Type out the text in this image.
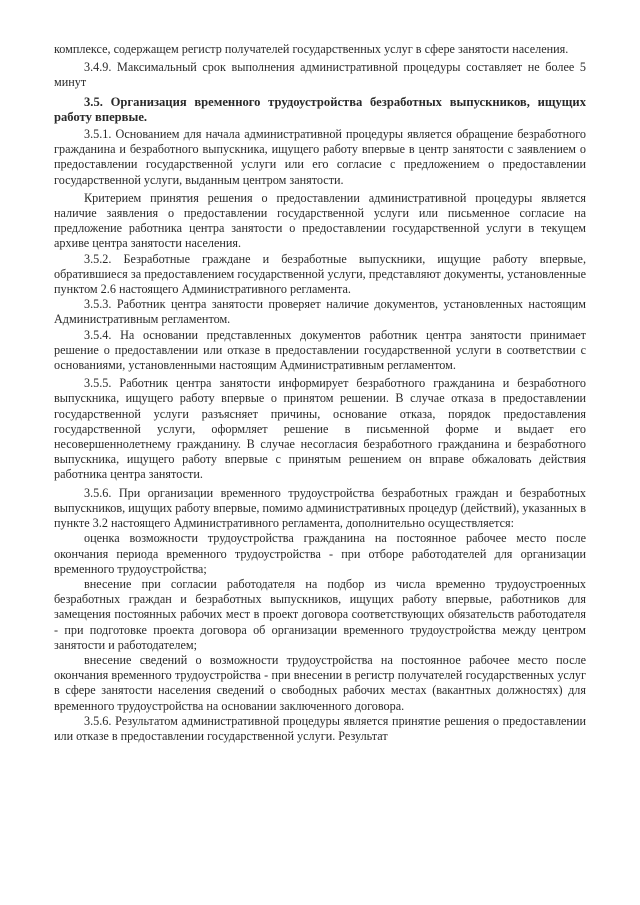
комплексе, содержащем регистр получателей государственных услуг в сфере занятости населения.

3.4.9. Максимальный срок выполнения административной процедуры составляет не более 5 минут

3.5. Организация временного трудоустройства безработных выпускников, ищущих работу впервые.

3.5.1. Основанием для начала административной процедуры является обращение безработного гражданина и безработного выпускника, ищущего работу впервые в центр занятости с заявлением о предоставлении государственной услуги или его согласие с предложением о предоставлении государственной услуги, выданным центром занятости.

Критерием принятия решения о предоставлении административной процедуры является наличие заявления о предоставлении государственной услуги или письменное согласие на предложение работника центра занятости о предоставлении государственной услуги в текущем архиве центра занятости населения.

3.5.2. Безработные граждане и безработные выпускники, ищущие работу впервые, обратившиеся за предоставлением государственной услуги, представляют документы, установленные пунктом 2.6 настоящего Административного регламента.

3.5.3. Работник центра занятости проверяет наличие документов, установленных настоящим Административным регламентом.

3.5.4. На основании представленных документов работник центра занятости принимает решение о предоставлении или отказе в предоставлении государственной услуги в соответствии с основаниями, установленными настоящим Административным регламентом.

3.5.5. Работник центра занятости информирует безработного гражданина и безработного выпускника, ищущего работу впервые о принятом решении. В случае отказа в предоставлении государственной услуги разъясняет причины, основание отказа, порядок предоставления государственной услуги, оформляет решение в письменной форме и выдает его несовершеннолетнему гражданину. В случае несогласия безработного гражданина и безработного выпускника, ищущего работу впервые с принятым решением он вправе обжаловать действия работника центра занятости.

3.5.6. При организации временного трудоустройства безработных граждан и безработных выпускников, ищущих работу впервые, помимо административных процедур (действий), указанных в пункте 3.2 настоящего Административного регламента, дополнительно осуществляется:

оценка возможности трудоустройства гражданина на постоянное рабочее место после окончания периода временного трудоустройства - при отборе работодателей для организации временного трудоустройства;

внесение при согласии работодателя на подбор из числа временно трудоустроенных безработных граждан и безработных выпускников, ищущих работу впервые, работников для замещения постоянных рабочих мест в проект договора соответствующих обязательств работодателя - при подготовке проекта договора об организации временного трудоустройства между центром занятости и работодателем;

внесение сведений о возможности трудоустройства на постоянное рабочее место после окончания временного трудоустройства - при внесении в регистр получателей государственных услуг в сфере занятости населения сведений о свободных рабочих местах (вакантных должностях) для временного трудоустройства на основании заключенного договора.

3.5.6. Результатом административной процедуры является принятие решения о предоставлении или отказе в предоставлении государственной услуги. Результат
